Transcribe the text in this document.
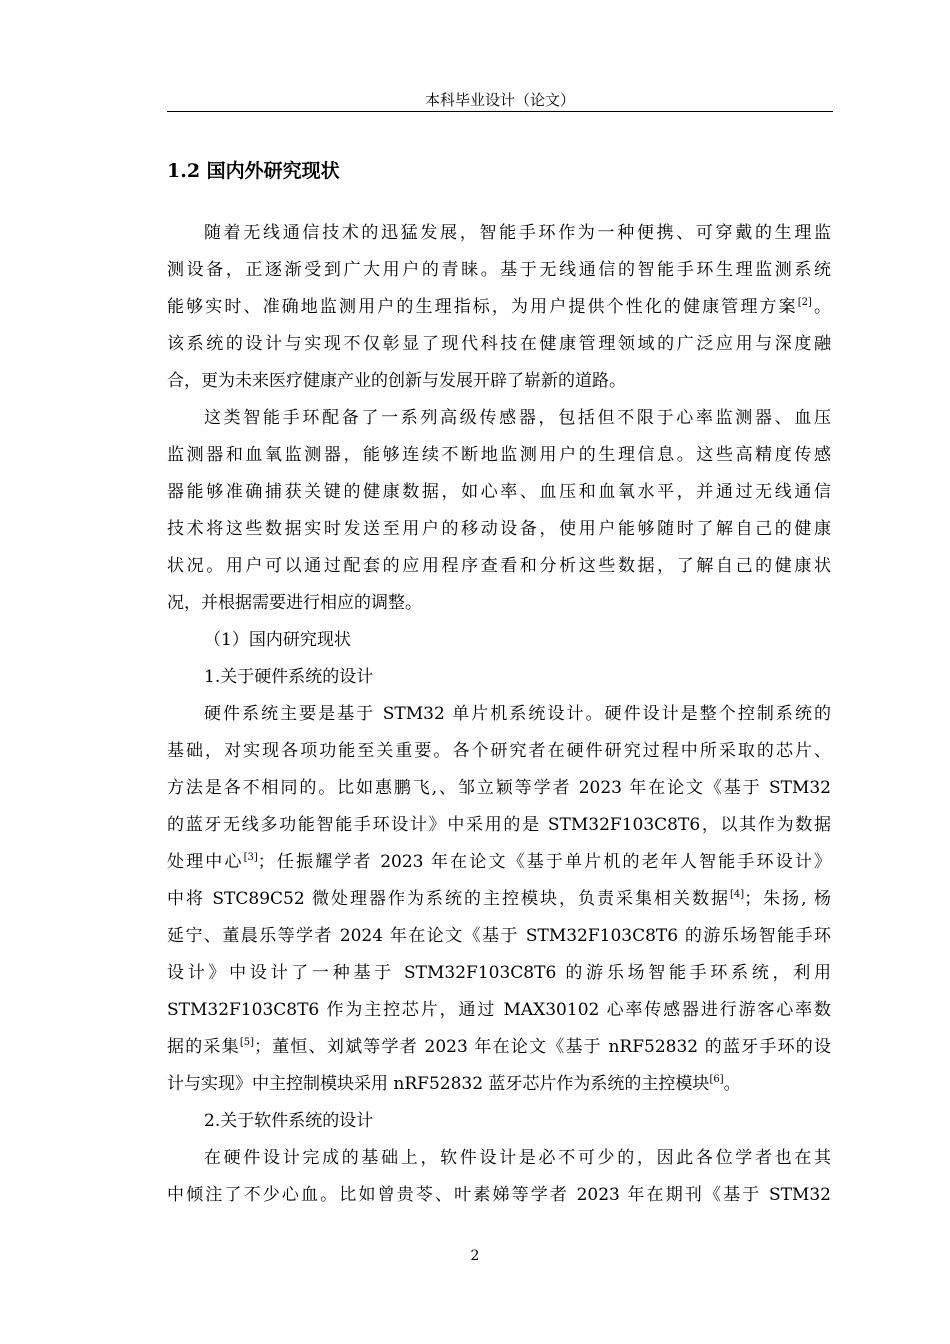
本科毕业设计（论文）
1.2 国内外研究现状
随着无线通信技术的迅猛发展，智能手环作为一种便携、可穿戴的生理监
测设备，正逐渐受到广大用户的青睐。基于无线通信的智能手环生理监测系统
能够实时、准确地监测用户的生理指标，为用户提供个性化的健康管理方案[2]。
该系统的设计与实现不仅彰显了现代科技在健康管理领域的广泛应用与深度融
合，更为未来医疗健康产业的创新与发展开辟了崭新的道路。
这类智能手环配备了一系列高级传感器，包括但不限于心率监测器、血压
监测器和血氧监测器，能够连续不断地监测用户的生理信息。这些高精度传感
器能够准确捕获关键的健康数据，如心率、血压和血氧水平，并通过无线通信
技术将这些数据实时发送至用户的移动设备，使用户能够随时了解自己的健康
状况。用户可以通过配套的应用程序查看和分析这些数据，了解自己的健康状
况，并根据需要进行相应的调整。
（1）国内研究现状
1.关于硬件系统的设计
硬件系统主要是基于 STM32 单片机系统设计。硬件设计是整个控制系统的
基础，对实现各项功能至关重要。各个研究者在硬件研究过程中所采取的芯片、
方法是各不相同的。比如惠鹏飞,、邹立颖等学者 2023 年在论文《基于 STM32
的蓝牙无线多功能智能手环设计》中采用的是 STM32F103C8T6，以其作为数据
处理中心[3]；任振耀学者 2023 年在论文《基于单片机的老年人智能手环设计》
中将 STC89C52 微处理器作为系统的主控模块，负责采集相关数据[4]；朱扬, 杨
延宁、董晨乐等学者 2024 年在论文《基于 STM32F103C8T6 的游乐场智能手环
设计》中设计了一种基于 STM32F103C8T6 的游乐场智能手环系统，利用
STM32F103C8T6 作为主控芯片，通过 MAX30102 心率传感器进行游客心率数
据的采集[5]；董恒、刘斌等学者 2023 年在论文《基于 nRF52832 的蓝牙手环的设
计与实现》中主控制模块采用 nRF52832 蓝牙芯片作为系统的主控模块[6]。
2.关于软件系统的设计
在硬件设计完成的基础上，软件设计是必不可少的，因此各位学者也在其
中倾注了不少心血。比如曾贵苓、叶素娣等学者 2023 年在期刊《基于 STM32
2
